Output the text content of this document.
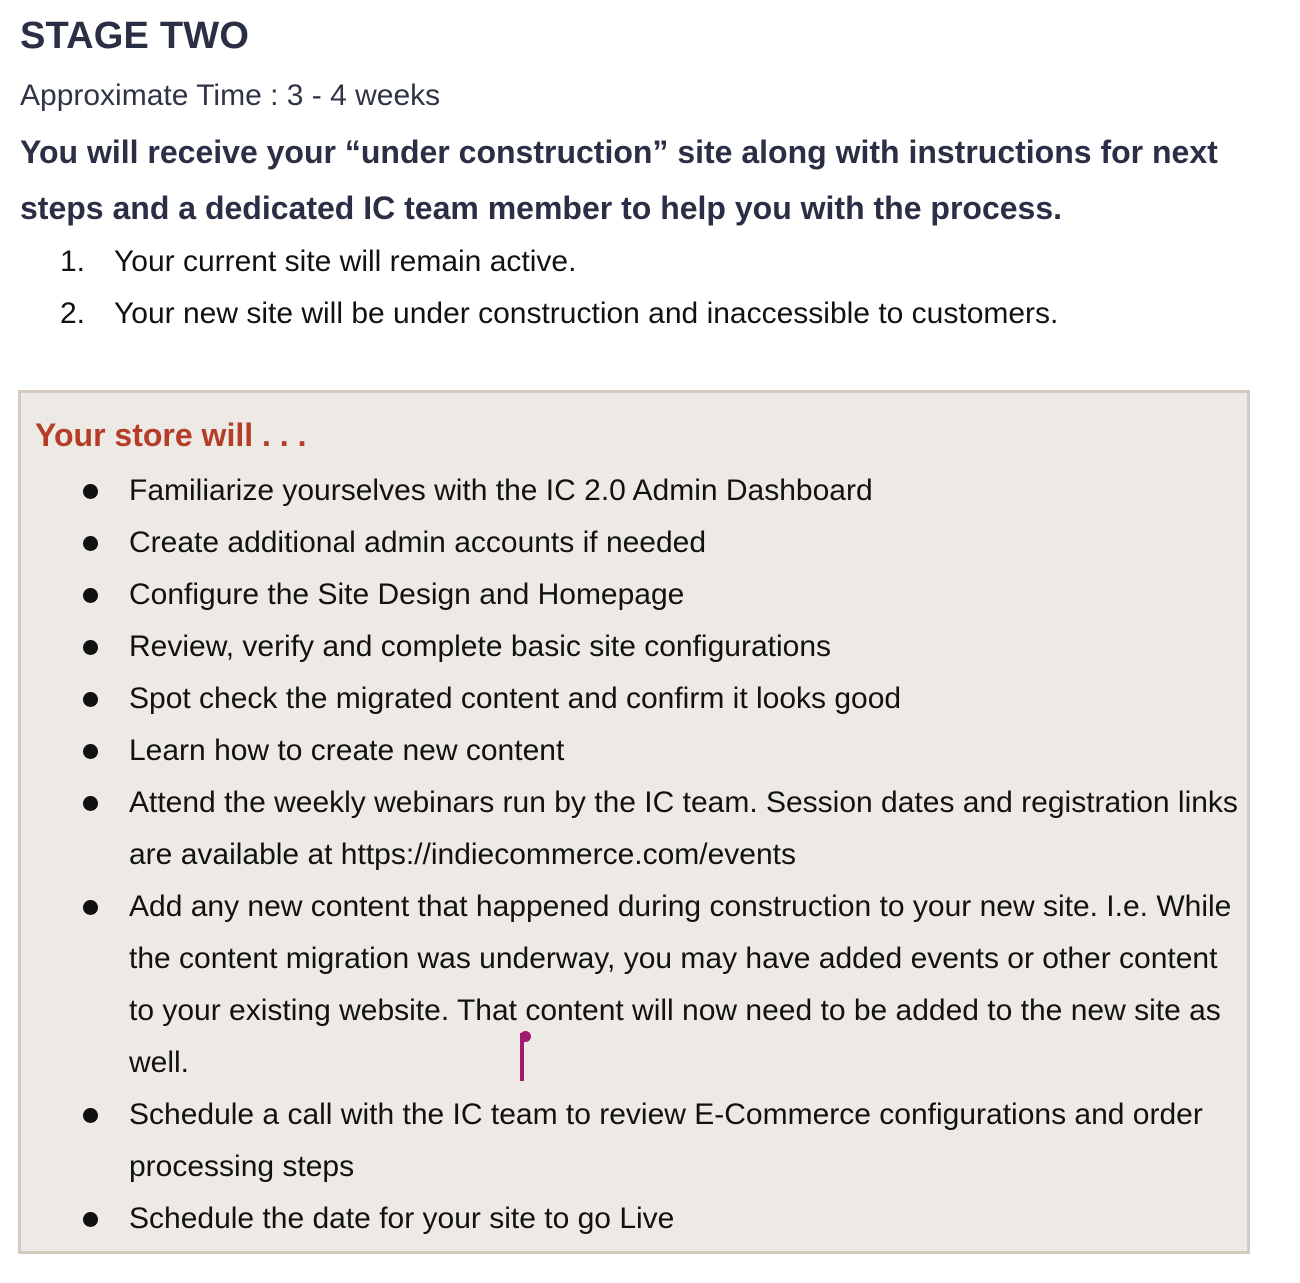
STAGE TWO

Approximate Time : 3 - 4 weeks

You will receive your “under construction” site along with instructions for next steps and a dedicated IC team member to help you with the process.

1. Your current site will remain active.
2. Your new site will be under construction and inaccessible to customers.
Your store will . . .
Familiarize yourselves with the IC 2.0 Admin Dashboard
Create additional admin accounts if needed
Configure the Site Design and Homepage
Review, verify and complete basic site configurations
Spot check the migrated content and confirm it looks good
Learn how to create new content
Attend the weekly webinars run by the IC team. Session dates and registration links are available at https://indiecommerce.com/events
Add any new content that happened during construction to your new site. I.e. While the content migration was underway, you may have added events or other content to your existing website. That content will now need to be added to the new site as well.
Schedule a call with the IC team to review E-Commerce configurations and order processing steps
Schedule the date for your site to go Live
